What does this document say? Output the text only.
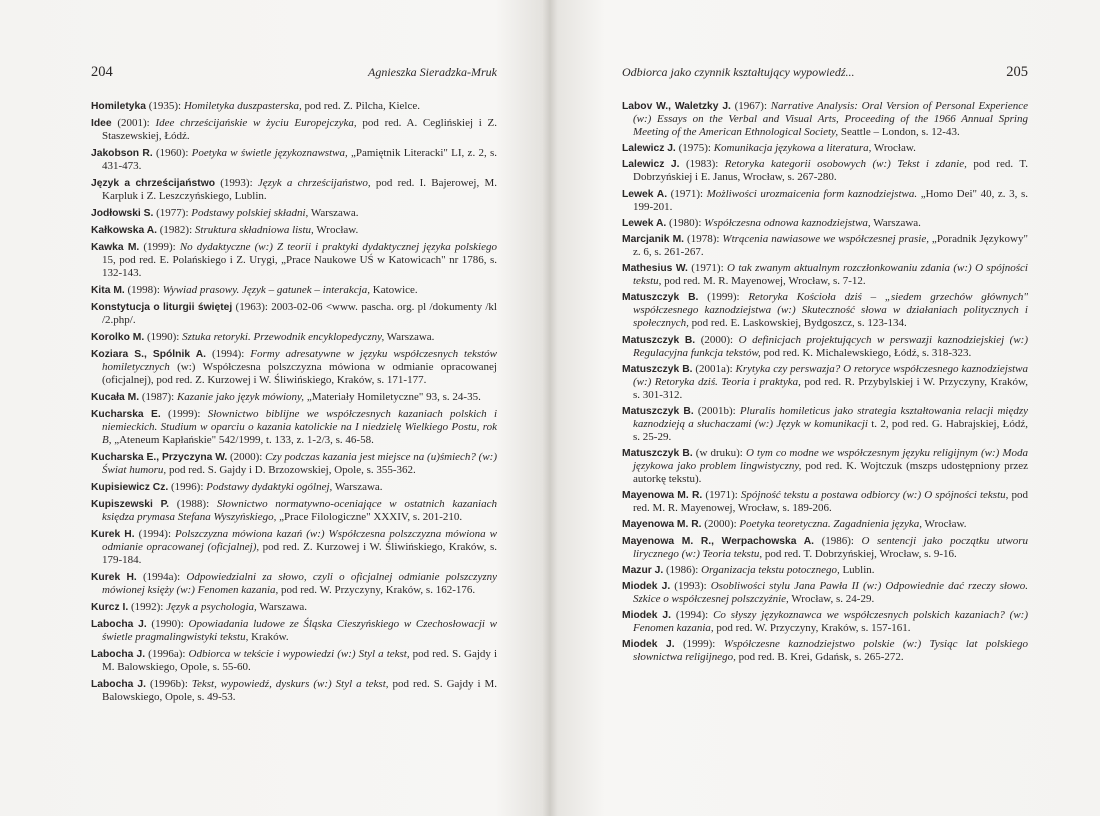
204	Agnieszka Sieradzka-Mruk
Homiletyka (1935): Homiletyka duszpasterska, pod red. Z. Pilcha, Kielce.
Idee (2001): Idee chrześcijańskie w życiu Europejczyka, pod red. A. Ceglińskiej i Z. Staszewskiej, Łódź.
Jakobson R. (1960): Poetyka w świetle językoznawstwa, „Pamiętnik Literacki" LI, z. 2, s. 431-473.
Język a chrześcijaństwo (1993): Język a chrześcijaństwo, pod red. I. Bajerowej, M. Karpluk i Z. Leszczyńskiego, Lublin.
Jodłowski S. (1977): Podstawy polskiej składni, Warszawa.
Kałkowska A. (1982): Struktura składniowa listu, Wrocław.
Kawka M. (1999): No dydaktyczne (w:) Z teorii i praktyki dydaktycznej języka polskiego 15, pod red. E. Polańskiego i Z. Urygi, „Prace Naukowe UŚ w Katowicach" nr 1786, s. 132-143.
Kita M. (1998): Wywiad prasowy. Język – gatunek – interakcja, Katowice.
Konstytucja o liturgii świętej (1963): 2003-02-06 <www. pascha. org. pl /dokumenty /kl /2.php/.
Korolko M. (1990): Sztuka retoryki. Przewodnik encyklopedyczny, Warszawa.
Koziara S., Spólnik A. (1994): Formy adresatywne w języku współczesnych tekstów homiletycznych (w:) Współczesna polszczyzna mówiona w odmianie opracowanej (oficjalnej), pod red. Z. Kurzowej i W. Śliwińskiego, Kraków, s. 171-177.
Kucała M. (1987): Kazanie jako język mówiony, „Materiały Homiletyczne" 93, s. 24-35.
Kucharska E. (1999): Słownictwo biblijne we współczesnych kazaniach polskich i niemieckich. Studium w oparciu o kazania katolickie na I niedzielę Wielkiego Postu, rok B, „Ateneum Kapłańskie" 542/1999, t. 133, z. 1-2/3, s. 46-58.
Kucharska E., Przyczyna W. (2000): Czy podczas kazania jest miejsce na (u)śmiech? (w:) Świat humoru, pod red. S. Gajdy i D. Brzozowskiej, Opole, s. 355-362.
Kupisiewicz Cz. (1996): Podstawy dydaktyki ogólnej, Warszawa.
Kupiszewski P. (1988): Słownictwo normatywno-oceniające w ostatnich kazaniach księdza prymasa Stefana Wyszyńskiego, „Prace Filologiczne" XXXIV, s. 201-210.
Kurek H. (1994): Polszczyzna mówiona kazań (w:) Współczesna polszczyzna mówiona w odmianie opracowanej (oficjalnej), pod red. Z. Kurzowej i W. Śliwińskiego, Kraków, s. 179-184.
Kurek H. (1994a): Odpowiedzialni za słowo, czyli o oficjalnej odmianie polszczyzny mówionej księży (w:) Fenomen kazania, pod red. W. Przyczyny, Kraków, s. 162-176.
Kurcz I. (1992): Język a psychologia, Warszawa.
Labocha J. (1990): Opowiadania ludowe ze Śląska Cieszyńskiego w Czechosłowacji w świetle pragmalingwistyki tekstu, Kraków.
Labocha J. (1996a): Odbiorca w tekście i wypowiedzi (w:) Styl a tekst, pod red. S. Gajdy i M. Balowskiego, Opole, s. 55-60.
Labocha J. (1996b): Tekst, wypowiedź, dyskurs (w:) Styl a tekst, pod red. S. Gajdy i M. Balowskiego, Opole, s. 49-53.
Odbiorca jako czynnik kształtujący wypowiedź...	205
Labov W., Waletzky J. (1967): Narrative Analysis: Oral Version of Personal Experience (w:) Essays on the Verbal and Visual Arts, Proceeding of the 1966 Annual Spring Meeting of the American Ethnological Society, Seattle – London, s. 12-43.
Lalewicz J. (1975): Komunikacja językowa a literatura, Wrocław.
Lalewicz J. (1983): Retoryka kategorii osobowych (w:) Tekst i zdanie, pod red. T. Dobrzyńskiej i E. Janus, Wrocław, s. 267-280.
Lewek A. (1971): Możliwości urozmaicenia form kaznodziejstwa. „Homo Dei" 40, z. 3, s. 199-201.
Lewek A. (1980): Współczesna odnowa kaznodziejstwa, Warszawa.
Marcjanik M. (1978): Wtrącenia nawiasowe we współczesnej prasie, „Poradnik Językowy" z. 6, s. 261-267.
Mathesius W. (1971): O tak zwanym aktualnym rozczłonkowaniu zdania (w:) O spójności tekstu, pod red. M. R. Mayenowej, Wrocław, s. 7-12.
Matuszczyk B. (1999): Retoryka Kościoła dziś – „siedem grzechów głównych" współczesnego kaznodziejstwa (w:) Skuteczność słowa w działaniach politycznych i społecznych, pod red. E. Laskowskiej, Bydgoszcz, s. 123-134.
Matuszczyk B. (2000): O definicjach projektujących w perswazji kaznodziejskiej (w:) Regulacyjna funkcja tekstów, pod red. K. Michalewskiego, Łódź, s. 318-323.
Matuszczyk B. (2001a): Krytyka czy perswazja? O retoryce współczesnego kaznodziejstwa (w:) Retoryka dziś. Teoria i praktyka, pod red. R. Przybylskiej i W. Przyczyny, Kraków, s. 301-312.
Matuszczyk B. (2001b): Pluralis homileticus jako strategia kształtowania relacji między kaznodzieją a słuchaczami (w:) Język w komunikacji t. 2, pod red. G. Habrajskiej, Łódź, s. 25-29.
Matuszczyk B. (w druku): O tym co modne we współczesnym języku religijnym (w:) Moda językowa jako problem lingwistyczny, pod red. K. Wojtczuk (mszps udostępniony przez autorkę tekstu).
Mayenowa M. R. (1971): Spójność tekstu a postawa odbiorcy (w:) O spójności tekstu, pod red. M. R. Mayenowej, Wrocław, s. 189-206.
Mayenowa M. R. (2000): Poetyka teoretyczna. Zagadnienia języka, Wrocław.
Mayenowa M. R., Werpachowska A. (1986): O sentencji jako początku utworu lirycznego (w:) Teoria tekstu, pod red. T. Dobrzyńskiej, Wrocław, s. 9-16.
Mazur J. (1986): Organizacja tekstu potocznego, Lublin.
Miodek J. (1993): Osobliwości stylu Jana Pawła II (w:) Odpowiednie dać rzeczy słowo. Szkice o współczesnej polszczyźnie, Wrocław, s. 24-29.
Miodek J. (1994): Co słyszy językoznawca we współczesnych polskich kazaniach? (w:) Fenomen kazania, pod red. W. Przyczyny, Kraków, s. 157-161.
Miodek J. (1999): Współczesne kaznodziejstwo polskie (w:) Tysiąc lat polskiego słownictwa religijnego, pod red. B. Krei, Gdańsk, s. 265-272.
